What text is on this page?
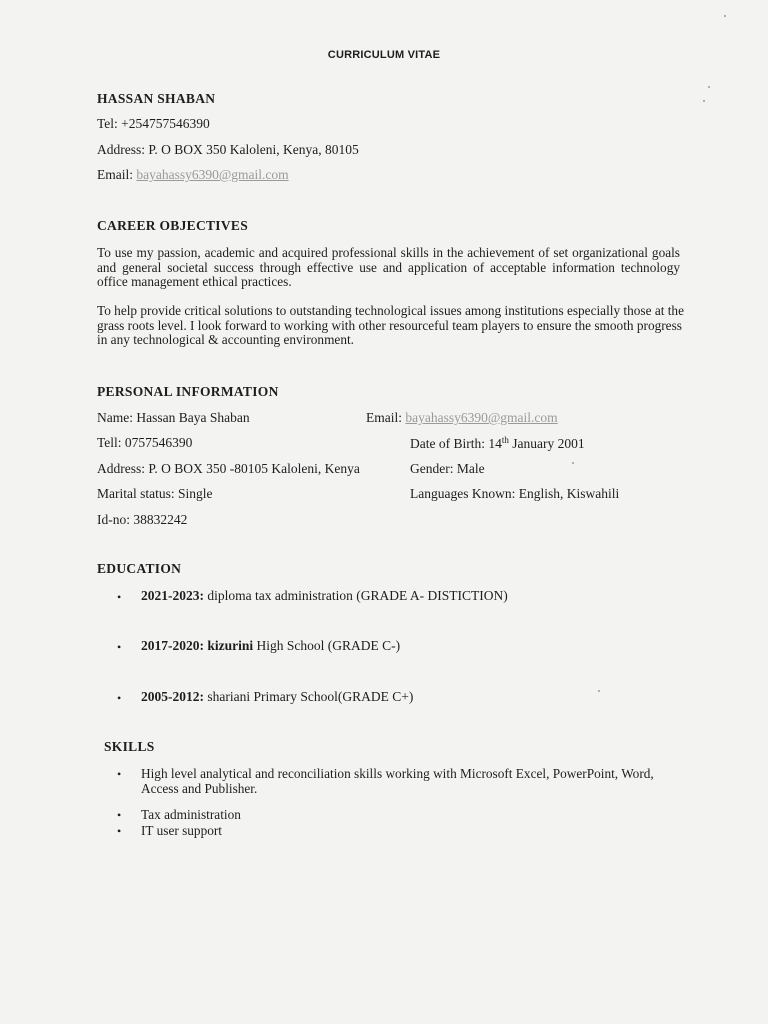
CURRICULUM VITAE
HASSAN SHABAN
Tel: +254757546390
Address: P. O BOX 350 Kaloleni, Kenya, 80105
Email: bayahassy6390@gmail.com
CAREER OBJECTIVES
To use my passion, academic and acquired professional skills in the achievement of set organizational goals and general societal success through effective use and application of acceptable information technology office management ethical practices.
To help provide critical solutions to outstanding technological issues among institutions especially those at the grass roots level. I look forward to working with other resourceful team players to ensure the smooth progress in any technological & accounting environment.
PERSONAL INFORMATION
Name: Hassan Baya Shaban	Email: bayahassy6390@gmail.com
Tell: 0757546390	Date of Birth: 14th January 2001
Address: P. O BOX 350 -80105 Kaloleni, Kenya	Gender: Male
Marital status: Single	Languages Known: English, Kiswahili
Id-no: 38832242
EDUCATION
• 2021-2023: diploma tax administration (GRADE A- DISTICTION)
• 2017-2020: kizurini High School (GRADE C-)
• 2005-2012: shariani Primary School(GRADE C+)
SKILLS
• High level analytical and reconciliation skills working with Microsoft Excel, PowerPoint, Word, Access and Publisher.
• Tax administration
• IT user support
